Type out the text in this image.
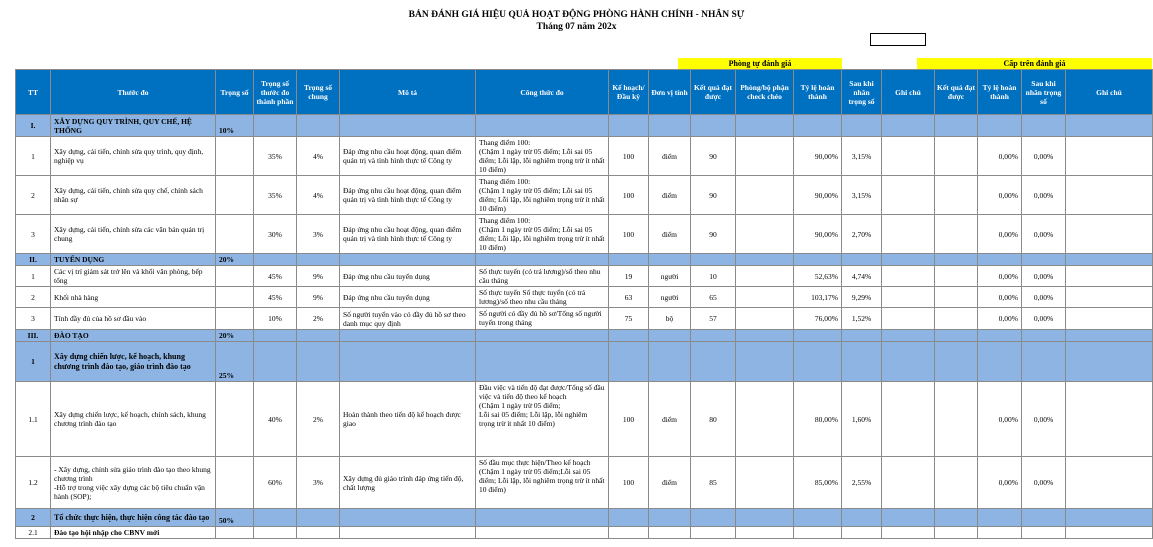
BẢN ĐÁNH GIÁ HIỆU QUẢ HOẠT ĐỘNG PHÒNG HÀNH CHÍNH - NHÂN SỰ
Tháng 07 năm 202x
Phòng tự đánh giá	Cấp trên đánh giá
TT	Thước đo	Trọng số	Trọng số thước đo thành phần	Trọng số chung	Mô tả	Công thức đo	Kế hoạch/ Đầu kỳ	Đơn vị tính	Kết quả đạt được	Phòng/bộ phận check chéo	Tỷ lệ hoàn thành	Sau khi nhân trọng số	Ghi chú	Kết quả đạt được	Tỷ lệ hoàn thành	Sau khi nhân trọng số	Ghi chú
I.	XÂY DỰNG QUY TRÌNH, QUY CHẾ, HỆ THỐNG	10%															
1	Xây dựng, cải tiến, chỉnh sửa quy trình, quy định, nghiệp vụ		35%	4%	Đáp ứng nhu cầu hoạt động, quan điểm quản trị và tình hình thực tế Công ty	Thang điểm 100:
(Chậm 1 ngày trừ 05 điểm; Lỗi sai 05 điểm; Lỗi lặp, lỗi nghiêm trọng trừ ít nhất 10 điểm)	100	điểm	90		90,00%	3,15%			0,00%	0,00%	
2	Xây dựng, cải tiến, chỉnh sửa quy chế, chính sách nhân sự		35%	4%	Đáp ứng nhu cầu hoạt động, quan điểm quản trị và tình hình thực tế Công ty	Thang điểm 100:
(Chậm 1 ngày trừ 05 điểm; Lỗi sai 05 điểm; Lỗi lặp, lỗi nghiêm trọng trừ ít nhất 10 điểm)	100	điểm	90		90,00%	3,15%			0,00%	0,00%	
3	Xây dựng, cải tiến, chỉnh sửa các văn bản quản trị chung		30%	3%	Đáp ứng nhu cầu hoạt động, quan điểm quản trị và tình hình thực tế Công ty	Thang điểm 100:
(Chậm 1 ngày trừ 05 điểm; Lỗi sai 05 điểm; Lỗi lặp, lỗi nghiêm trọng trừ ít nhất 10 điểm)	100	điểm	90		90,00%	2,70%			0,00%	0,00%	
II.	TUYỂN DỤNG	20%															
1	Các vị trí giám sát trở lên và khối văn phòng, bếp tổng		45%	9%	Đáp ứng nhu cầu tuyển dụng	Số thực tuyển (có trả lương)/số theo nhu cầu tháng	19	người	10		52,63%	4,74%			0,00%	0,00%	
2	Khối nhà hàng		45%	9%	Đáp ứng nhu cầu tuyển dụng	Số thực tuyển Số thực tuyển (có trả lương)/số theo nhu cầu tháng	63	người	65		103,17%	9,29%			0,00%	0,00%	
3	Tính đầy đủ của hồ sơ đầu vào		10%	2%	Số người tuyển vào có đầy đủ hồ sơ theo danh mục quy định	Số người có đầy đủ hồ sơ/Tổng số người tuyển trong tháng	75	bộ	57		76,00%	1,52%			0,00%	0,00%	
III.	ĐÀO TẠO	20%															
1	Xây dựng chiến lược, kế hoạch, khung chương trình đào tạo, giáo trình đào tạo	25%															
1.1	Xây dựng chiến lược, kế hoạch, chính sách, khung chương trình đào tạo		40%	2%	Hoàn thành theo tiến độ kế hoạch được giao	Đầu việc và tiến độ đạt được/Tổng số đầu việc và tiến độ theo kế hoạch
(Chậm 1 ngày trừ 05 điểm;
Lỗi sai 05 điểm; Lỗi lặp, lỗi nghiêm trọng trừ ít nhất 10 điểm)	100	điểm	80		80,00%	1,60%			0,00%	0,00%	
1.2	- Xây dựng, chỉnh sửa giáo trình đào tạo theo khung chương trình
-Hỗ trợ trong việc xây dựng các bộ tiêu chuẩn vận hành (SOP);		60%	3%	Xây dựng đủ giáo trình đáp ứng tiến độ, chất lượng	Số đầu mục thực hiện/Theo kế hoạch (Chậm 1 ngày trừ 05 điểm;Lỗi sai 05 điểm; Lỗi lặp, lỗi nghiêm trọng trừ ít nhất 10 điểm)	100	điểm	85		85,00%	2,55%			0,00%	0,00%	
2	Tổ chức thực hiện, thực hiện công tác đào tạo	50%															
2.1	Đào tạo hội nhập cho CBNV mới																
